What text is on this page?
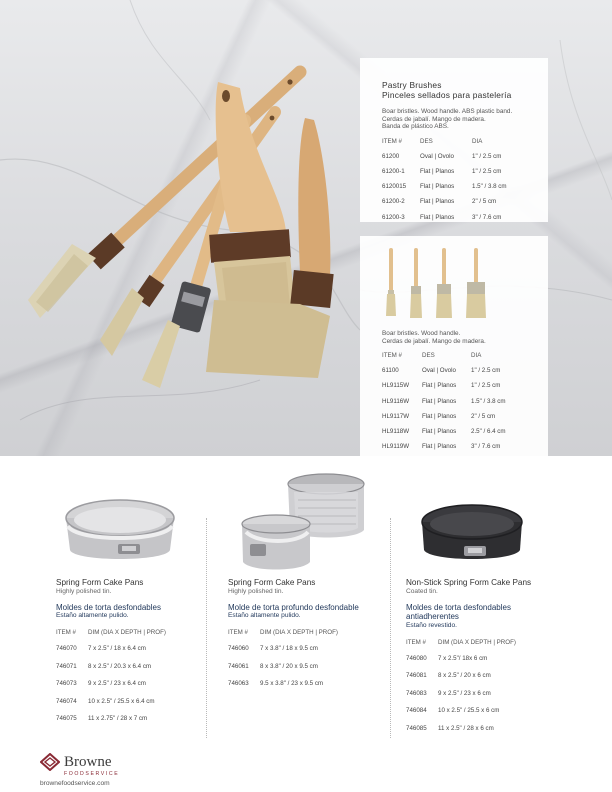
Pastry Brushes
Pinceles sellados para pastelería
Boar bristles. Wood handle. ABS plastic band.
Cerdas de jabalí. Mango de madera.
Banda de plástico ABS.
ITEM #	DES	DIA
61200	Oval | Ovolo	1" / 2.5 cm
61200-1	Flat | Planos	1" / 2.5 cm
6120015	Flat | Planos	1.5" / 3.8 cm
61200-2	Flat | Planos	2" / 5 cm
61200-3	Flat | Planos	3" / 7.6 cm
Boar bristles. Wood handle.
Cerdas de jabalí. Mango de madera.
ITEM #	DES	DIA
61100	Oval | Ovolo	1" / 2.5 cm
HL9115W	Flat | Planos	1" / 2.5 cm
HL9116W	Flat | Planos	1.5" / 3.8 cm
HL9117W	Flat | Planos	2" / 5 cm
HL9118W	Flat | Planos	2.5" / 6.4 cm
HL9119W	Flat | Planos	3" / 7.6 cm
Spring Form Cake Pans
Highly polished tin.
Moldes de torta desfondables
Estaño altamente pulido.
ITEM #	DIM (DIA X DEPTH | PROF)
746070	7 x 2.5" / 18 x 6.4 cm
746071	8 x 2.5" / 20.3 x 6.4 cm
746073	9 x 2.5" / 23 x 6.4 cm
746074	10 x 2.5" / 25.5 x 6.4 cm
746075	11 x 2.75" / 28 x 7 cm
Spring Form Cake Pans
Highly polished tin.
Molde de torta profundo desfondable
Estaño altamente pulido.
ITEM #	DIM (DIA X DEPTH | PROF)
746060	7 x 3.8" / 18 x 9.5 cm
746061	8 x 3.8" / 20 x 9.5 cm
746063	9.5 x 3.8" / 23 x 9.5 cm
Non-Stick Spring Form Cake Pans
Coated tin.
Moldes de torta desfondables antiadherentes
Estaño revestido.
ITEM #	DIM (DIA X DEPTH | PROF)
746080	7 x 2.5"/ 18x 6 cm
746081	8 x 2.5" / 20 x 6 cm
746083	9 x 2.5" / 23 x 6 cm
746084	10 x 2.5" / 25.5 x 6 cm
746085	11 x 2.5" / 28 x 6 cm
Browne
FOODSERVICE
brownefoodservice.com
